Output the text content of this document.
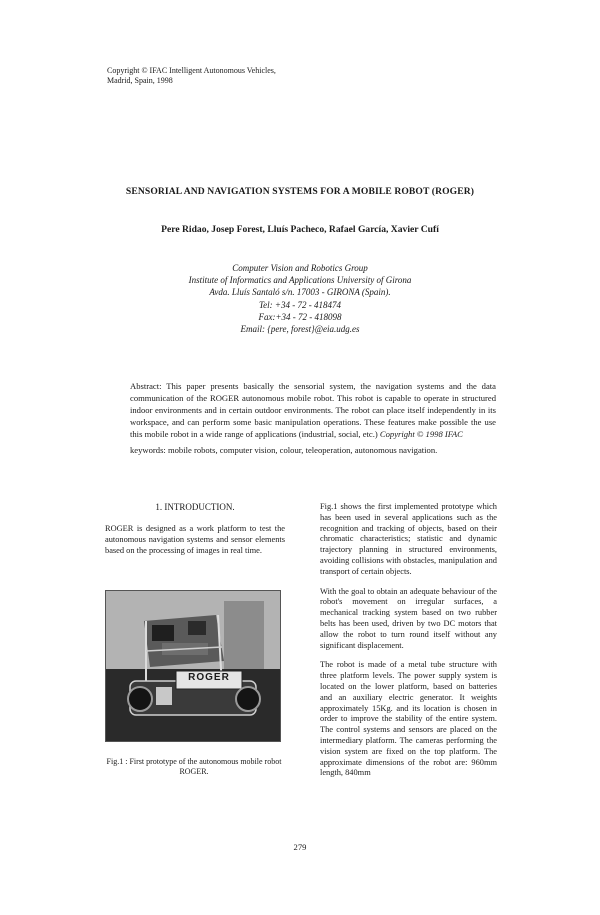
Copyright © IFAC Intelligent Autonomous Vehicles,
Madrid, Spain, 1998
SENSORIAL AND NAVIGATION SYSTEMS FOR A MOBILE ROBOT (ROGER)
Pere Ridao, Josep Forest, Lluís Pacheco, Rafael García, Xavier Cufí
Computer Vision and Robotics Group
Institute of Informatics and Applications University of Girona
Avda. Lluís Santaló s/n. 17003 - GIRONA (Spain).
Tel: +34 - 72 - 418474
Fax:+34 - 72 - 418098
Email: {pere, forest}@eia.udg.es
Abstract: This paper presents basically the sensorial system, the navigation systems and the data communication of the ROGER autonomous mobile robot. This robot is capable to operate in structured indoor environments and in certain outdoor environments. The robot can place itself independently in its workspace, and can perform some basic manipulation operations. These features make possible the use this mobile robot in a wide range of applications (industrial, social, etc.) Copyright © 1998 IFAC
keywords: mobile robots, computer vision, colour, teleoperation, autonomous navigation.
1. INTRODUCTION.
ROGER is designed as a work platform to test the autonomous navigation systems and sensor elements based on the processing of images in real time.
ROGER
Fig.1 : First prototype of the autonomous mobile robot ROGER.
Fig.1 shows the first implemented prototype which has been used in several applications such as the recognition and tracking of objects, based on their chromatic characteristics; statistic and dynamic trajectory planning in structured environments, avoiding collisions with obstacles, manipulation and transport of certain objects.
With the goal to obtain an adequate behaviour of the robot's movement on irregular surfaces, a mechanical tracking system based on two rubber belts has been used, driven by two DC motors that allow the robot to turn round itself without any significant displacement.
The robot is made of a metal tube structure with three platform levels. The power supply system is located on the lower platform, based on batteries and an auxiliary electric generator. It weights approximately 15Kg. and its location is chosen in order to improve the stability of the entire system. The control systems and sensors are placed on the intermediary platform. The cameras performing the vision system are fixed on the top platform. The approximate dimensions of the robot are: 960mm length, 840mm
279
